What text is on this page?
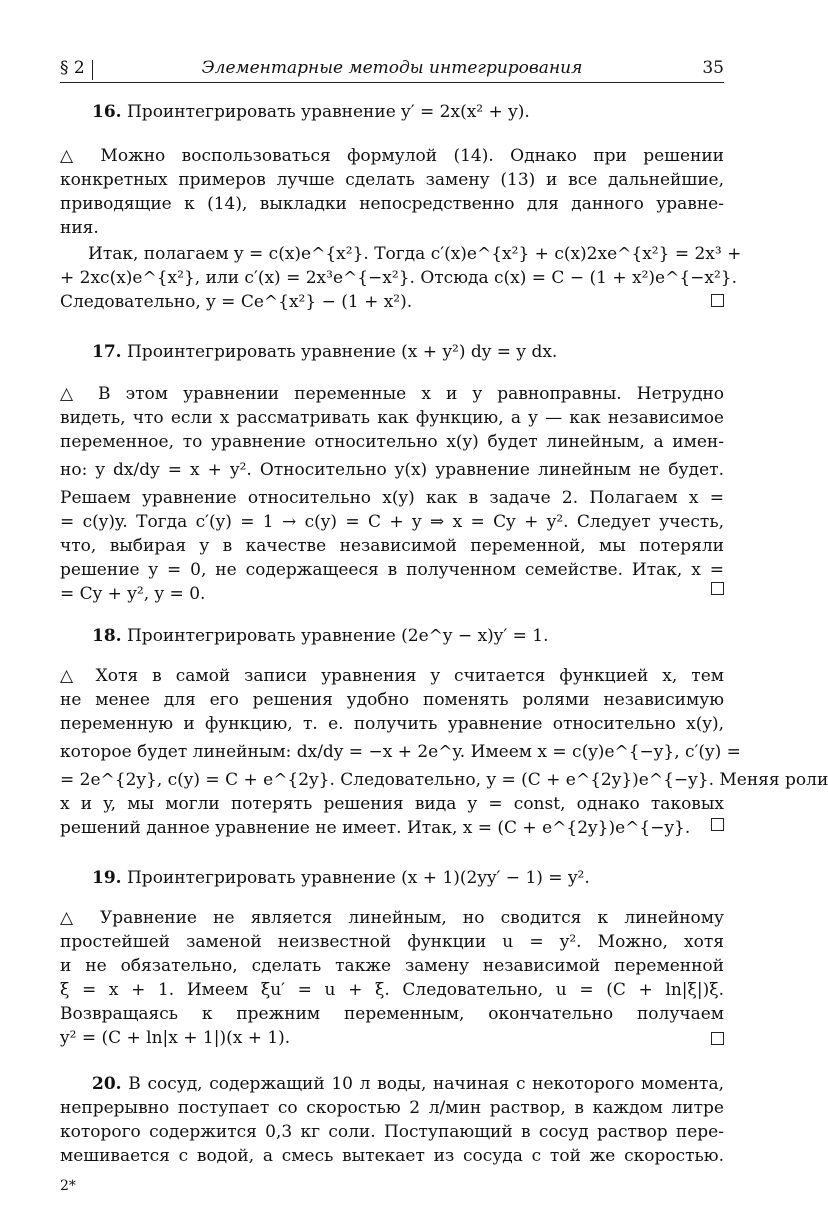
§ 2	Элементарные методы интегрирования	35
16. Проинтегрировать уравнение y′ = 2x(x² + y).
△ Можно воспользоваться формулой (14). Однако при решении
конкретных примеров лучше сделать замену (13) и все дальнейшие,
приводящие к (14), выкладки непосредственно для данного уравне-
ния.
Итак, полагаем y = c(x)e^{x²}. Тогда c′(x)e^{x²} + c(x)2xe^{x²} = 2x³ +
+ 2xc(x)e^{x²}, или c′(x) = 2x³e^{−x²}. Отсюда c(x) = C − (1 + x²)e^{−x²}.
Следовательно, y = Ce^{x²} − (1 + x²).
17. Проинтегрировать уравнение (x + y²) dy = y dx.
△ В этом уравнении переменные x и y равноправны. Нетрудно
видеть, что если x рассматривать как функцию, а y — как независимое
переменное, то уравнение относительно x(y) будет линейным, а имен-
но: y dx/dy = x + y². Относительно y(x) уравнение линейным не будет.
Решаем уравнение относительно x(y) как в задаче 2. Полагаем x =
= c(y)y. Тогда c′(y) = 1 → c(y) = C + y ⇒ x = Cy + y². Следует учесть,
что, выбирая y в качестве независимой переменной, мы потеряли
решение y = 0, не содержащееся в полученном семействе. Итак, x =
= Cy + y², y = 0.
18. Проинтегрировать уравнение (2e^y − x)y′ = 1.
△ Хотя в самой записи уравнения y считается функцией x, тем
не менее для его решения удобно поменять ролями независимую
переменную и функцию, т. е. получить уравнение относительно x(y),
которое будет линейным: dx/dy = −x + 2e^y. Имеем x = c(y)e^{−y}, c′(y) =
= 2e^{2y}, c(y) = C + e^{2y}. Следовательно, y = (C + e^{2y})e^{−y}. Меняя роли
x и y, мы могли потерять решения вида y = const, однако таковых
решений данное уравнение не имеет. Итак, x = (C + e^{2y})e^{−y}.
19. Проинтегрировать уравнение (x + 1)(2yy′ − 1) = y².
△ Уравнение не является линейным, но сводится к линейному
простейшей заменой неизвестной функции u = y². Можно, хотя
и не обязательно, сделать также замену независимой переменной
ξ = x + 1. Имеем ξu′ = u + ξ. Следовательно, u = (C + ln|ξ|)ξ.
Возвращаясь к прежним переменным, окончательно получаем
y² = (C + ln|x + 1|)(x + 1).
20. В сосуд, содержащий 10 л воды, начиная с некоторого момента,
непрерывно поступает со скоростью 2 л/мин раствор, в каждом литре
которого содержится 0,3 кг соли. Поступающий в сосуд раствор пере-
мешивается с водой, а смесь вытекает из сосуда с той же скоростью.
2*
